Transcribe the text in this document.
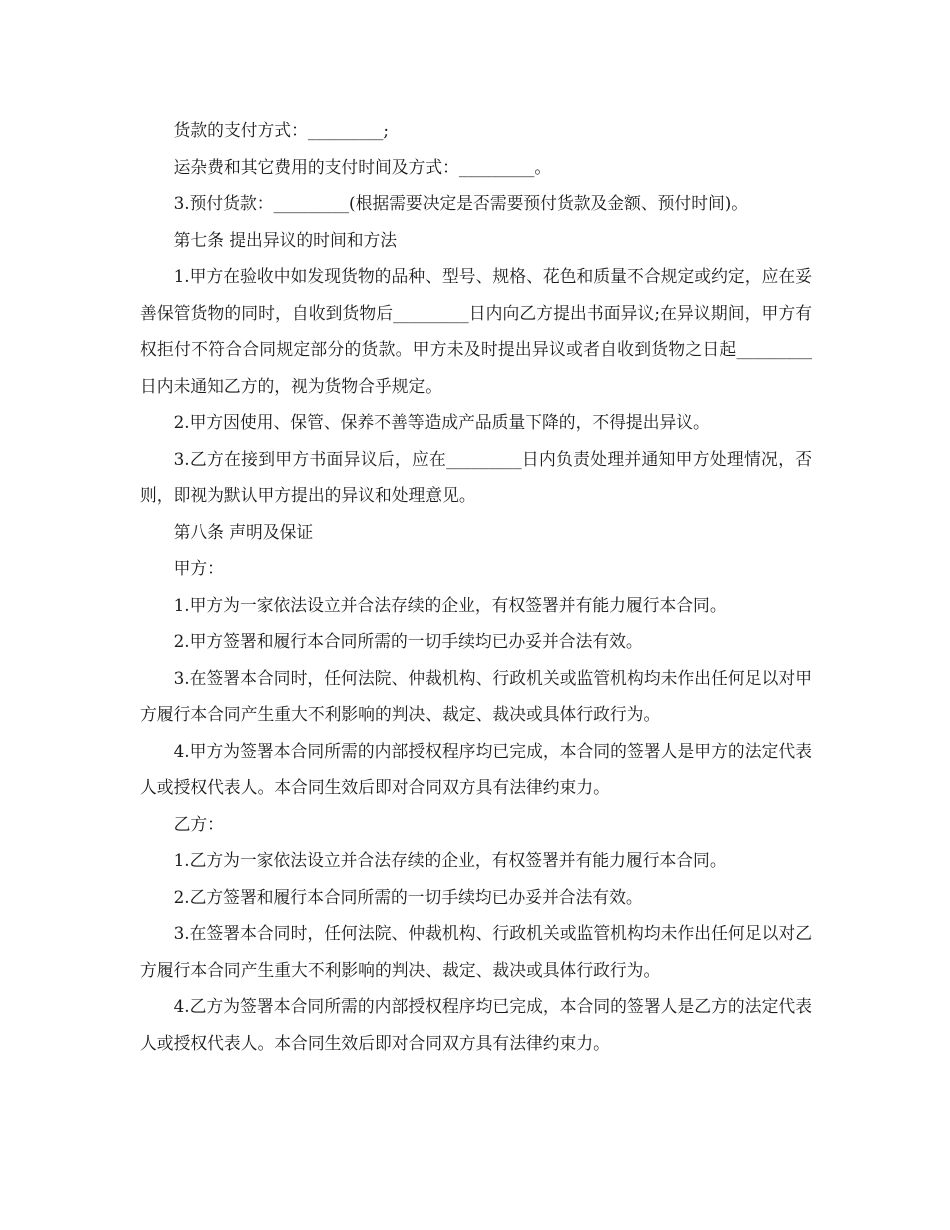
货款的支付方式：_________;

运杂费和其它费用的支付时间及方式：_________。

3.预付货款：_________(根据需要决定是否需要预付货款及金额、预付时间)。

第七条 提出异议的时间和方法

1.甲方在验收中如发现货物的品种、型号、规格、花色和质量不合规定或约定，应在妥善保管货物的同时，自收到货物后_________日内向乙方提出书面异议;在异议期间，甲方有权拒付不符合合同规定部分的货款。甲方未及时提出异议或者自收到货物之日起_________日内未通知乙方的，视为货物合乎规定。

2.甲方因使用、保管、保养不善等造成产品质量下降的，不得提出异议。

3.乙方在接到甲方书面异议后，应在_________日内负责处理并通知甲方处理情况，否则，即视为默认甲方提出的异议和处理意见。

第八条 声明及保证

甲方：

1.甲方为一家依法设立并合法存续的企业，有权签署并有能力履行本合同。

2.甲方签署和履行本合同所需的一切手续均已办妥并合法有效。

3.在签署本合同时，任何法院、仲裁机构、行政机关或监管机构均未作出任何足以对甲方履行本合同产生重大不利影响的判决、裁定、裁决或具体行政行为。

4.甲方为签署本合同所需的内部授权程序均已完成，本合同的签署人是甲方的法定代表人或授权代表人。本合同生效后即对合同双方具有法律约束力。

乙方：

1.乙方为一家依法设立并合法存续的企业，有权签署并有能力履行本合同。

2.乙方签署和履行本合同所需的一切手续均已办妥并合法有效。

3.在签署本合同时，任何法院、仲裁机构、行政机关或监管机构均未作出任何足以对乙方履行本合同产生重大不利影响的判决、裁定、裁决或具体行政行为。

4.乙方为签署本合同所需的内部授权程序均已完成，本合同的签署人是乙方的法定代表人或授权代表人。本合同生效后即对合同双方具有法律约束力。
